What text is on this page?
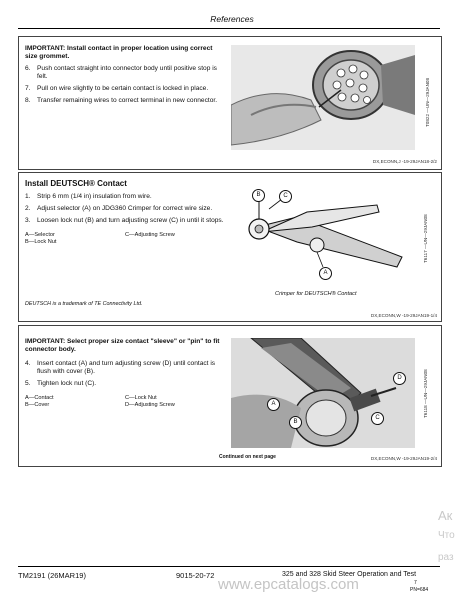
References
IMPORTANT: Install contact in proper location using correct size grommet.
6. Push contact straight into connector body until positive stop is felt.
7. Pull on wire slightly to be certain contact is locked in place.
8. Transfer remaining wires to correct terminal in new connector.	T0822 —UN—29JAN08
DX,ECONN,J -19-29JAN18-2/2
Install DEUTSCH® Contact
1. Strip 6 mm (1/4 in) insulation from wire.
2. Adjust selector (A) on JDG360 Crimper for correct wire size.
3. Loosen lock nut (B) and turn adjusting screw (C) in until it stops.
A—Selector	C—Adjusting Screw
B—Lock Nut
DEUTSCH is a trademark of TE Connectivity Ltd.
B	C
A
T6117 —UN—29JAN08
Crimper for DEUTSCH® Contact
DX,ECONN,W -19-29JAN19-1/4
IMPORTANT: Select proper size contact "sleeve" or "pin" to fit connector body.
4. Insert contact (A) and turn adjusting screw (D) until contact is flush with cover (B).
5. Tighten lock nut (C).
A—Contact	C—Lock Nut
B—Cover	D—Adjusting Screw
D
A
B
C	T6118 —UN—29JAN08
Continued on next page	DX,ECONN,W -19-29JAN19-2/4
Ак
Что
раз
www.epcatalogs.com
TM2191 (26MAR19)	9015-20-72	325 and 328 Skid Steer Operation and Test
7
PN=684
